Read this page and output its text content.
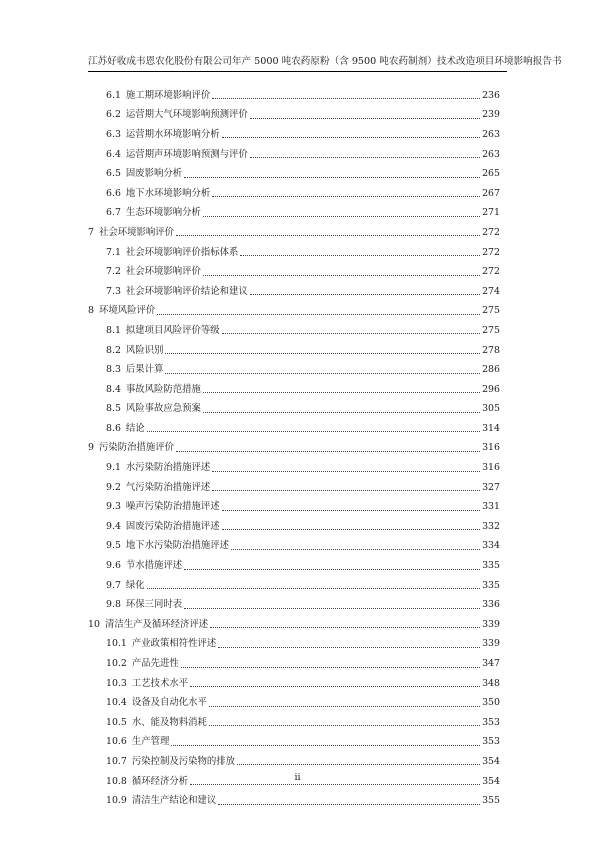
江苏好收成韦恩农化股份有限公司年产 5000 吨农药原粉（含 9500 吨农药制剂）技术改造项目环境影响报告书
6.1 施工期环境影响评价	236
6.2 运营期大气环境影响预测评价	239
6.3 运营期水环境影响分析	263
6.4 运营期声环境影响预测与评价	263
6.5 固废影响分析	265
6.6 地下水环境影响分析	267
6.7 生态环境影响分析	271
7 社会环境影响评价	272
7.1 社会环境影响评价指标体系	272
7.2 社会环境影响评价	272
7.3 社会环境影响评价结论和建议	274
8 环境风险评价	275
8.1 拟建项目风险评价等级	275
8.2 风险识别	278
8.3 后果计算	286
8.4 事故风险防范措施	296
8.5 风险事故应急预案	305
8.6 结论	314
9 污染防治措施评价	316
9.1 水污染防治措施评述	316
9.2 气污染防治措施评述	327
9.3 噪声污染防治措施评述	331
9.4 固废污染防治措施评述	332
9.5 地下水污染防治措施评述	334
9.6 节水措施评述	335
9.7 绿化	335
9.8 环保三同时表	336
10 清洁生产及循环经济评述	339
10.1 产业政策相符性评述	339
10.2 产品先进性	347
10.3 工艺技术水平	348
10.4 设备及自动化水平	350
10.5 水、能及物料消耗	353
10.6 生产管理	353
10.7 污染控制及污染物的排放	354
10.8 循环经济分析	354
10.9 清洁生产结论和建议	355
ii
